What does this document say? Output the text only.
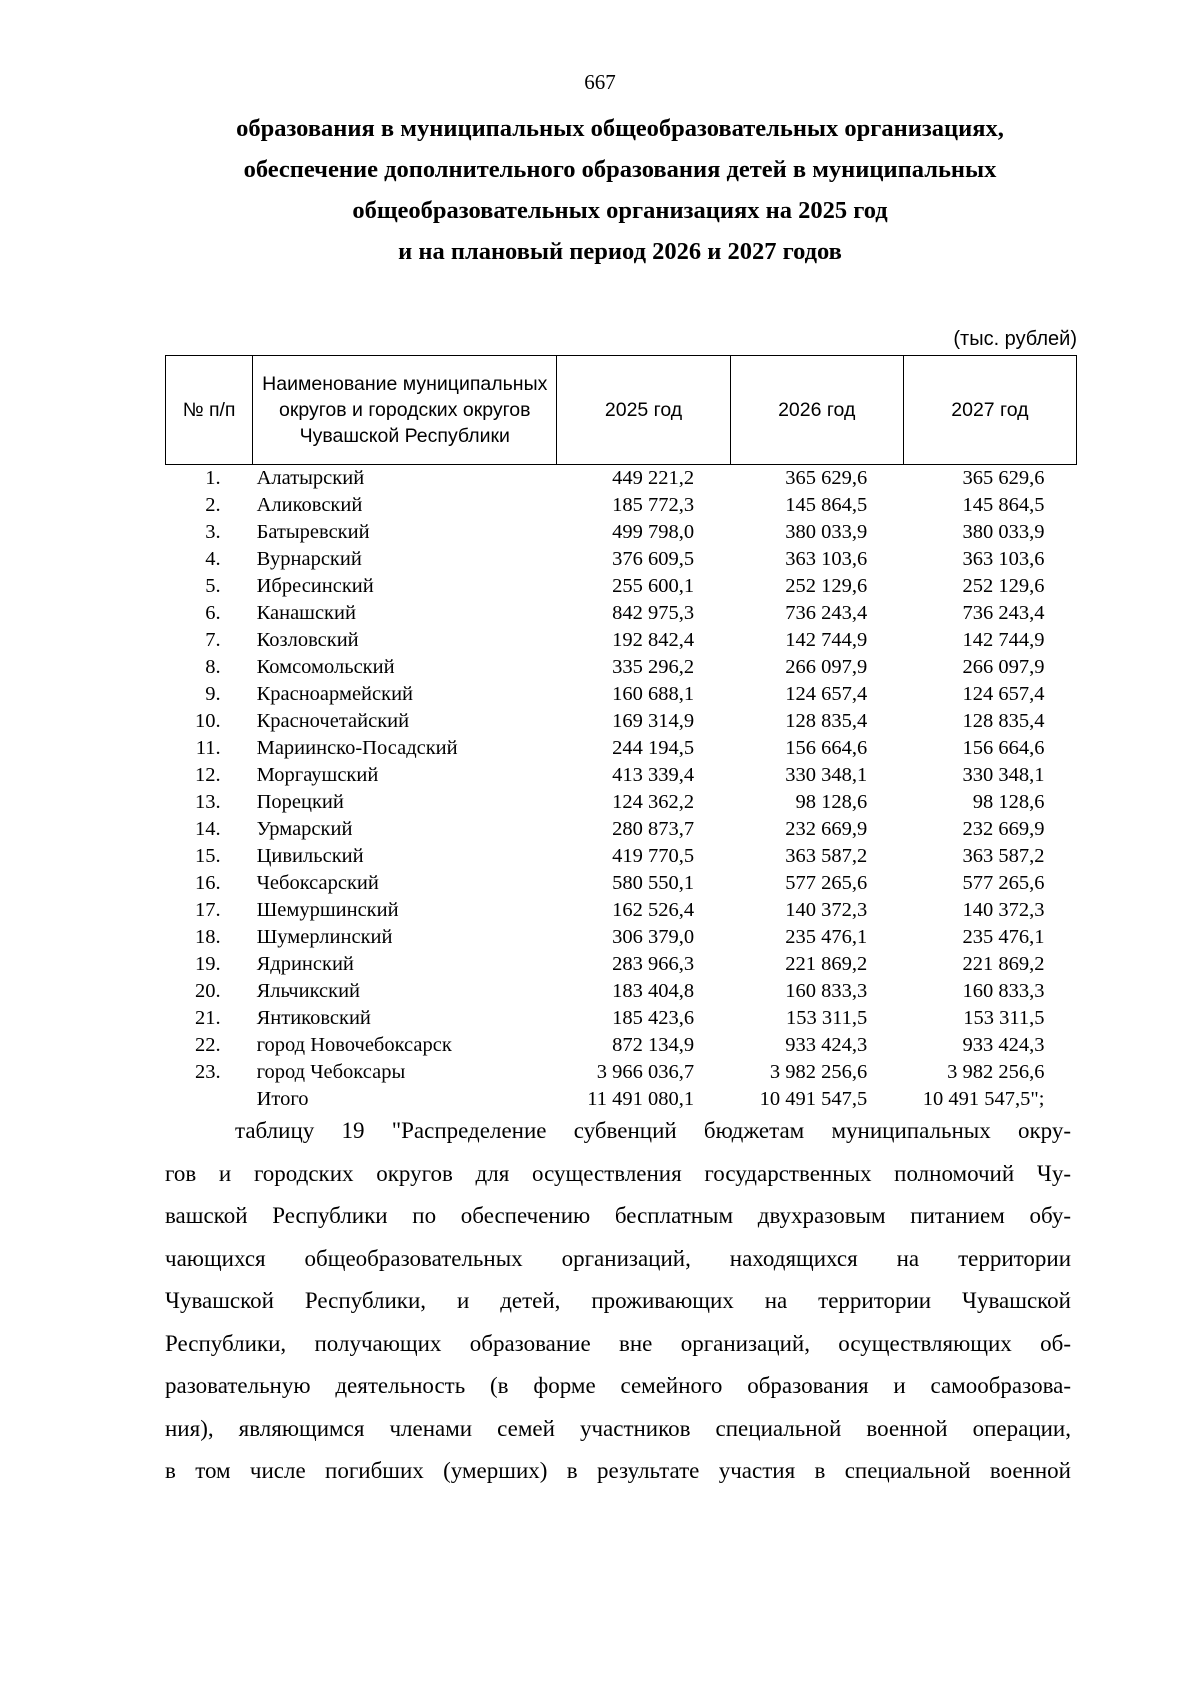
667
образования в муниципальных общеобразовательных организациях,
обеспечение дополнительного образования детей в муниципальных
общеобразовательных организациях на 2025 год
и на плановый период 2026 и 2027 годов
(тыс. рублей)
№ п/п	Наименование муниципальных округов и городских округов Чувашской Республики	2025 год	2026 год	2027 год
1.	Алатырский	449 221,2	365 629,6	365 629,6
2.	Аликовский	185 772,3	145 864,5	145 864,5
3.	Батыревский	499 798,0	380 033,9	380 033,9
4.	Вурнарский	376 609,5	363 103,6	363 103,6
5.	Ибресинский	255 600,1	252 129,6	252 129,6
6.	Канашский	842 975,3	736 243,4	736 243,4
7.	Козловский	192 842,4	142 744,9	142 744,9
8.	Комсомольский	335 296,2	266 097,9	266 097,9
9.	Красноармейский	160 688,1	124 657,4	124 657,4
10.	Красночетайский	169 314,9	128 835,4	128 835,4
11.	Мариинско-Посадский	244 194,5	156 664,6	156 664,6
12.	Моргаушский	413 339,4	330 348,1	330 348,1
13.	Порецкий	124 362,2	98 128,6	98 128,6
14.	Урмарский	280 873,7	232 669,9	232 669,9
15.	Цивильский	419 770,5	363 587,2	363 587,2
16.	Чебоксарский	580 550,1	577 265,6	577 265,6
17.	Шемуршинский	162 526,4	140 372,3	140 372,3
18.	Шумерлинский	306 379,0	235 476,1	235 476,1
19.	Ядринский	283 966,3	221 869,2	221 869,2
20.	Яльчикский	183 404,8	160 833,3	160 833,3
21.	Янтиковский	185 423,6	153 311,5	153 311,5
22.	город Новочебоксарск	872 134,9	933 424,3	933 424,3
23.	город Чебоксары	3 966 036,7	3 982 256,6	3 982 256,6
	Итого	11 491 080,1	10 491 547,5	10 491 547,5";
таблицу 19 "Распределение субвенций бюджетам муниципальных окру-
гов и городских округов для осуществления государственных полномочий Чу-
вашской Республики по обеспечению бесплатным двухразовым питанием обу-
чающихся общеобразовательных организаций, находящихся на территории
Чувашской Республики, и детей, проживающих на территории Чувашской
Республики, получающих образование вне организаций, осуществляющих об-
разовательную деятельность (в форме семейного образования и самообразова-
ния), являющимся членами семей участников специальной военной операции,
в том числе погибших (умерших) в результате участия в специальной военной
